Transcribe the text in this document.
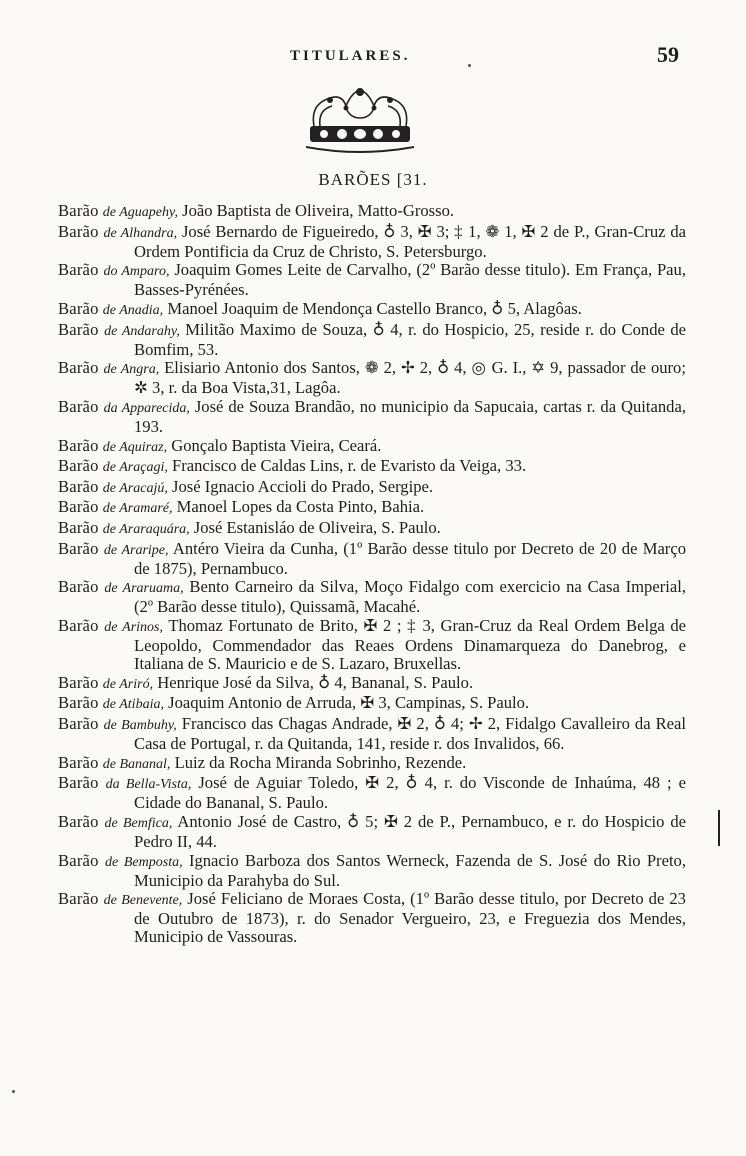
TITULARES.	59
BARÕES [31.

Barão de Aguapehy, João Baptista de Oliveira, Matto-Grosso.

Barão de Alhandra, José Bernardo de Figueiredo, ♁ 3, ✠ 3; ‡ 1, ❁ 1, ✠ 2 de P., Gran-Cruz da Ordem Pontificia da Cruz de Christo, S. Petersburgo.

Barão do Amparo, Joaquim Gomes Leite de Carvalho, (2º Barão desse titulo). Em França, Pau, Basses-Pyrénées.

Barão de Anadia, Manoel Joaquim de Mendonça Castello Branco, ♁ 5, Alagôas.

Barão de Andarahy, Militão Maximo de Souza, ♁ 4, r. do Hospicio, 25, reside r. do Conde de Bomfim, 53.

Barão de Angra, Elisiario Antonio dos Santos, ❁ 2, ✢ 2, ♁ 4, ◎ G. I., ✡ 9, passador de ouro; ✲ 3, r. da Boa Vista,31, Lagôa.

Barão da Apparecida, José de Souza Brandão, no municipio da Sapucaia, cartas r. da Quitanda, 193.

Barão de Aquiraz, Gonçalo Baptista Vieira, Ceará.

Barão de Araçagi, Francisco de Caldas Lins, r. de Evaristo da Veiga, 33.

Barão de Aracajú, José Ignacio Accioli do Prado, Sergipe.

Barão de Aramaré, Manoel Lopes da Costa Pinto, Bahia.

Barão de Araraquára, José Estanisláo de Oliveira, S. Paulo.

Barão de Araripe, Antéro Vieira da Cunha, (1º Barão desse titulo por Decreto de 20 de Março de 1875), Pernambuco.

Barão de Araruama, Bento Carneiro da Silva, Moço Fidalgo com exercicio na Casa Imperial, (2º Barão desse titulo), Quissamã, Macahé.

Barão de Arinos, Thomaz Fortunato de Brito, ✠ 2 ; ‡ 3, Gran-Cruz da Real Ordem Belga de Leopoldo, Commendador das Reaes Ordens Dinamarqueza do Danebrog, e Italiana de S. Mauricio e de S. Lazaro, Bruxellas.

Barão de Ariró, Henrique José da Silva, ♁ 4, Bananal, S. Paulo.

Barão de Atibaia, Joaquim Antonio de Arruda, ✠ 3, Campinas, S. Paulo.

Barão de Bambuhy, Francisco das Chagas Andrade, ✠ 2, ♁ 4; ✢ 2, Fidalgo Cavalleiro da Real Casa de Portugal, r. da Quitanda, 141, reside r. dos Invalidos, 66.

Barão de Bananal, Luiz da Rocha Miranda Sobrinho, Rezende.

Barão da Bella-Vista, José de Aguiar Toledo, ✠ 2, ♁ 4, r. do Visconde de Inhaúma, 48 ; e Cidade do Bananal, S. Paulo.

Barão de Bemfica, Antonio José de Castro, ♁ 5; ✠ 2 de P., Pernambuco, e r. do Hospicio de Pedro II, 44.

Barão de Bemposta, Ignacio Barboza dos Santos Werneck, Fazenda de S. José do Rio Preto, Municipio da Parahyba do Sul.

Barão de Benevente, José Feliciano de Moraes Costa, (1º Barão desse titulo, por Decreto de 23 de Outubro de 1873), r. do Senador Vergueiro, 23, e Freguezia dos Mendes, Municipio de Vassouras.
